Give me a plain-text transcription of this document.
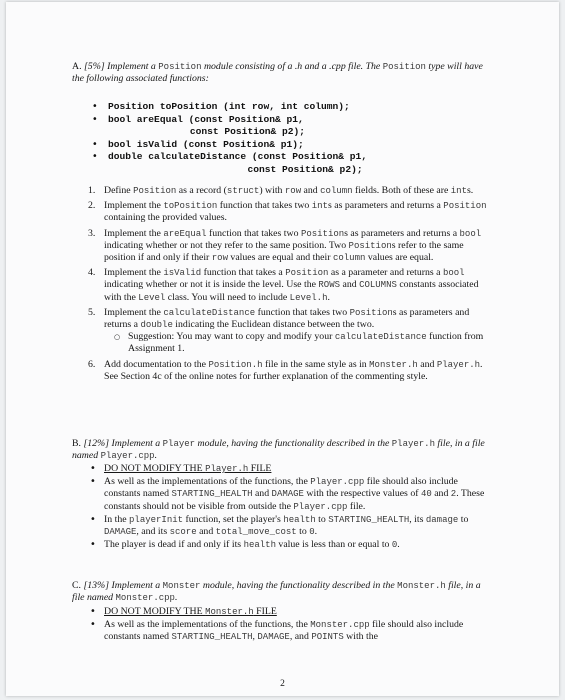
A. [5%] Implement a Position module consisting of a .h and a .cpp file. The Position type will have the following associated functions:
• Position toPosition (int row, int column);
• bool areEqual (const Position& p1,
const Position& p2);
• bool isValid (const Position& p1);
• double calculateDistance (const Position& p1,
const Position& p2);
1. Define Position as a record (struct) with row and column fields. Both of these are ints.
2. Implement the toPosition function that takes two ints as parameters and returns a Position containing the provided values.
3. Implement the areEqual function that takes two Positions as parameters and returns a bool indicating whether or not they refer to the same position. Two Positions refer to the same position if and only if their row values are equal and their column values are equal.
4. Implement the isValid function that takes a Position as a parameter and returns a bool indicating whether or not it is inside the level. Use the ROWS and COLUMNS constants associated with the Level class. You will need to include Level.h.
5. Implement the calculateDistance function that takes two Positions as parameters and returns a double indicating the Euclidean distance between the two.
○ Suggestion: You may want to copy and modify your calculateDistance function from Assignment 1.
6. Add documentation to the Position.h file in the same style as in Monster.h and Player.h. See Section 4c of the online notes for further explanation of the commenting style.
B. [12%] Implement a Player module, having the functionality described in the Player.h file, in a file named Player.cpp.
• DO NOT MODIFY THE Player.h FILE
• As well as the implementations of the functions, the Player.cpp file should also include constants named STARTING_HEALTH and DAMAGE with the respective values of 40 and 2. These constants should not be visible from outside the Player.cpp file.
• In the playerInit function, set the player's health to STARTING_HEALTH, its damage to DAMAGE, and its score and total_move_cost to 0.
• The player is dead if and only if its health value is less than or equal to 0.
C. [13%] Implement a Monster module, having the functionality described in the Monster.h file, in a file named Monster.cpp.
• DO NOT MODIFY THE Monster.h FILE
• As well as the implementations of the functions, the Monster.cpp file should also include constants named STARTING_HEALTH, DAMAGE, and POINTS with the
2
